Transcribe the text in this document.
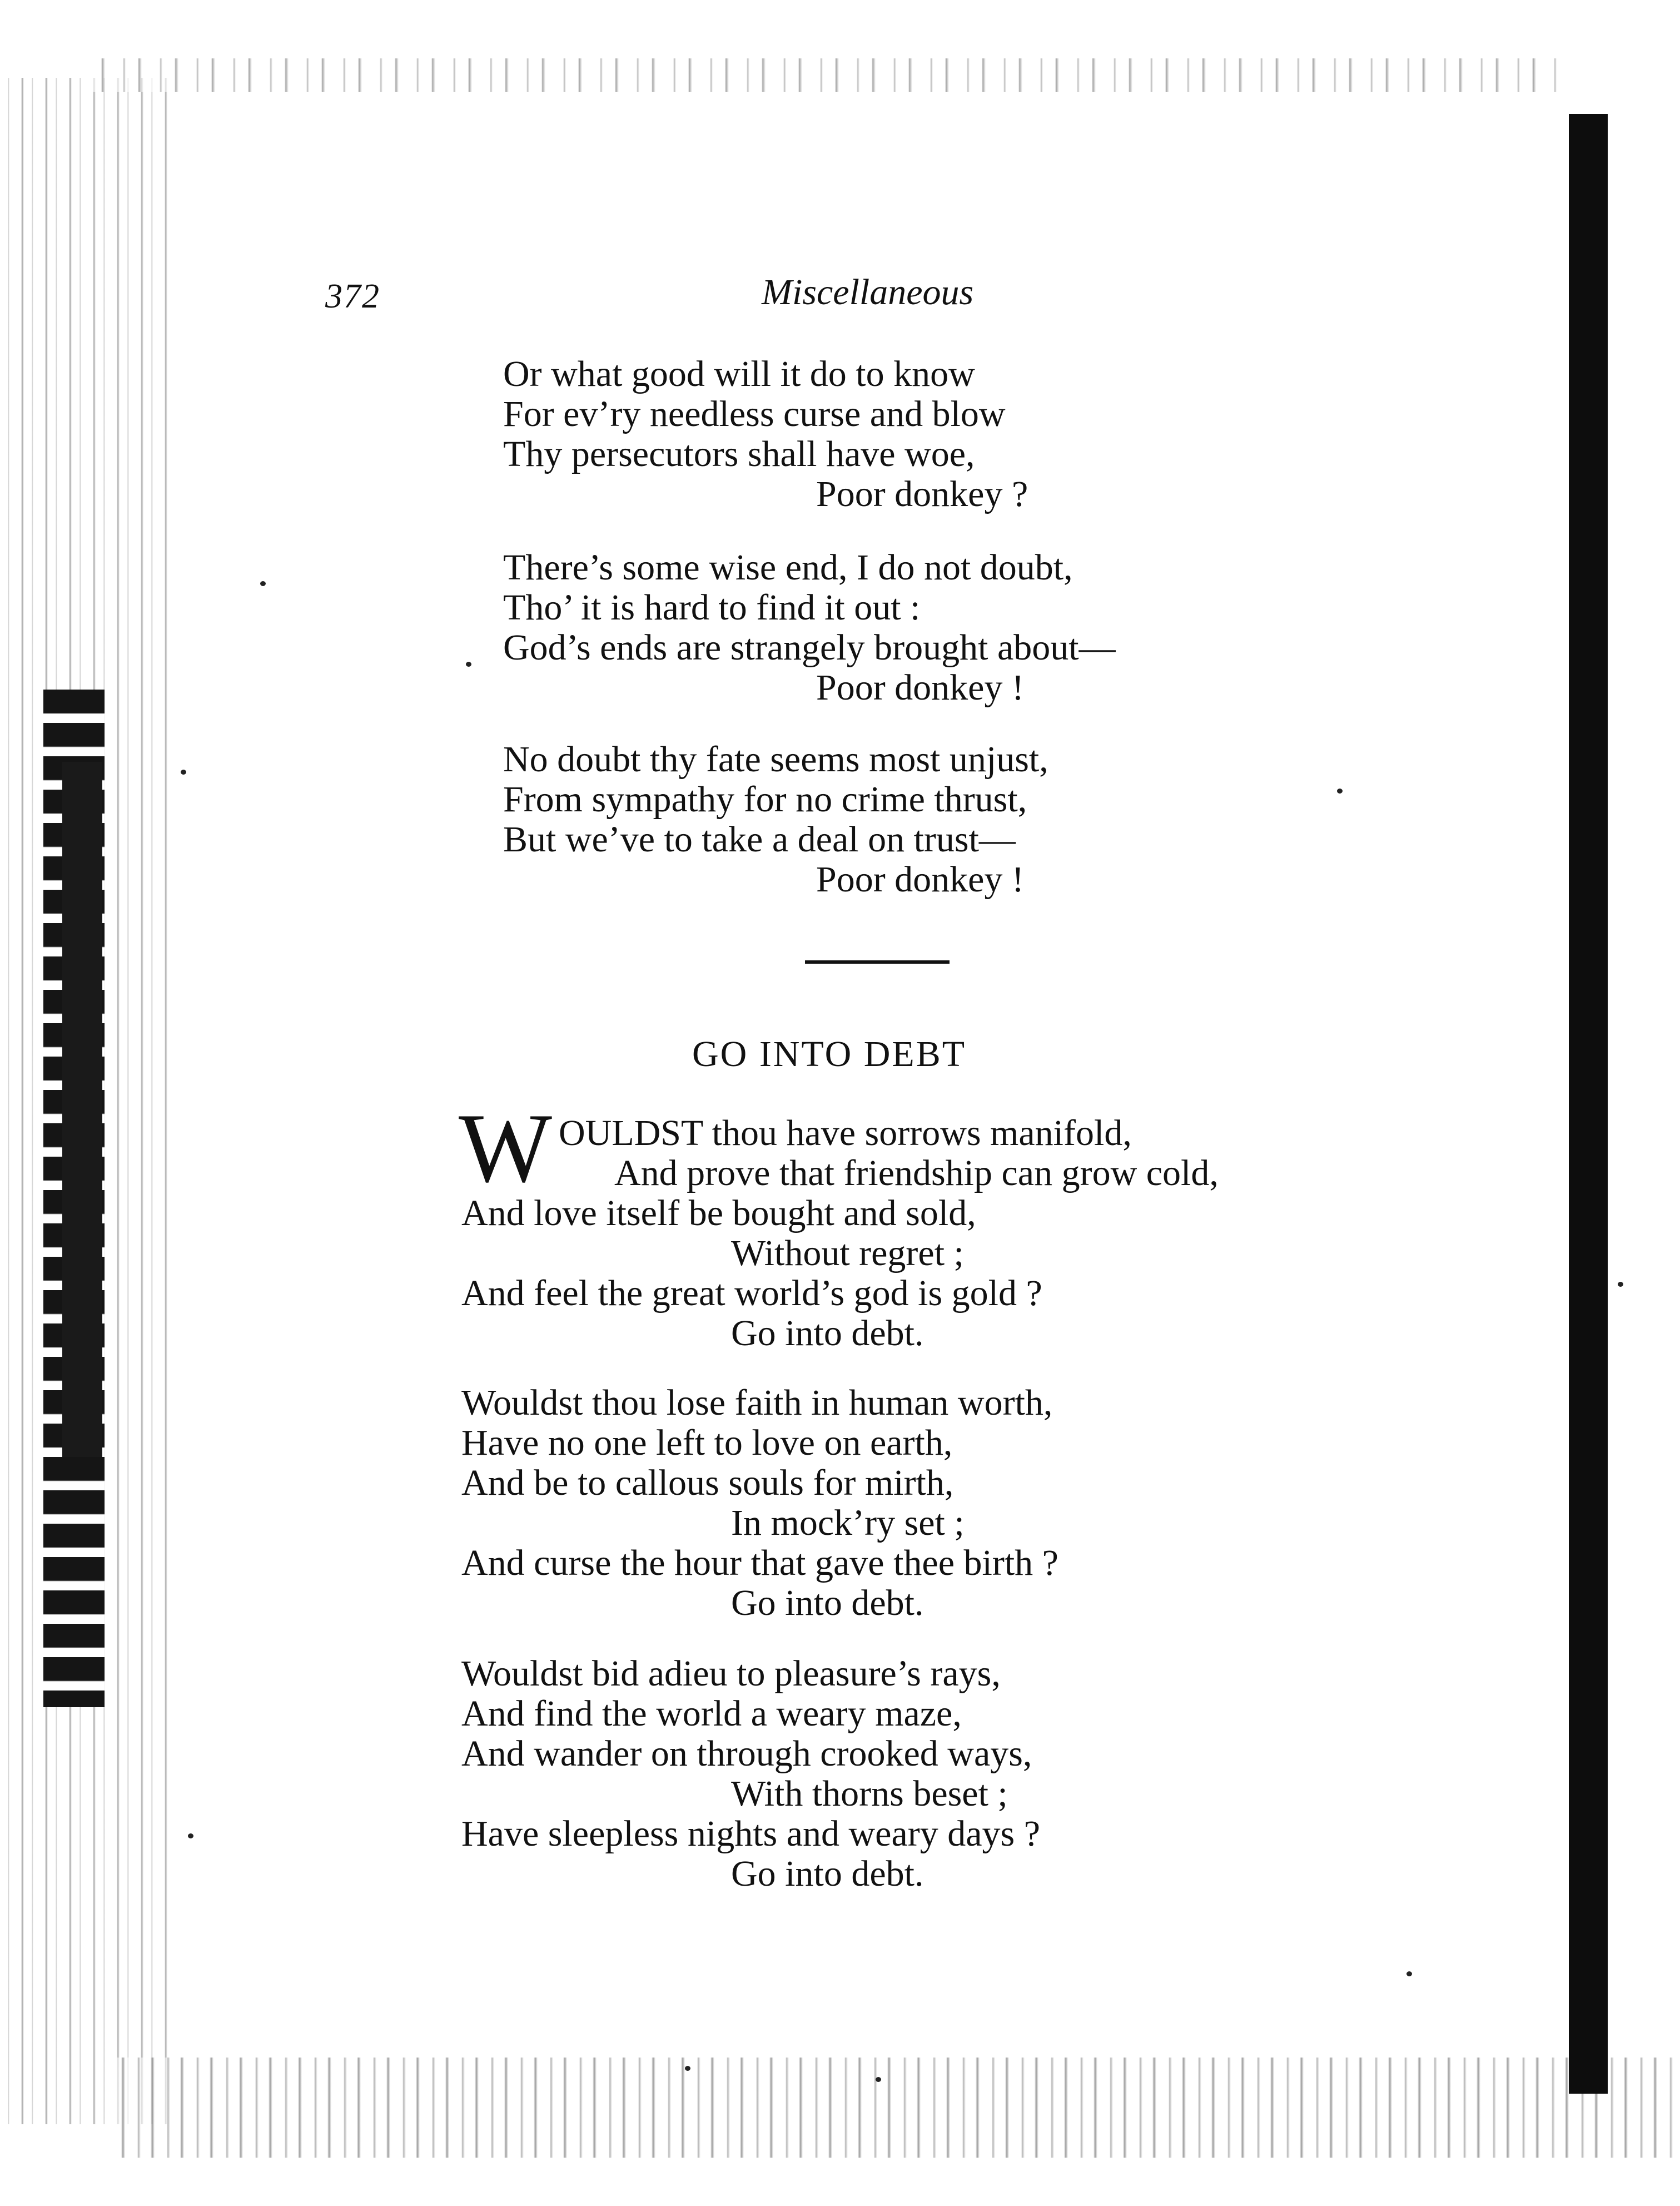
372	Miscellaneous

Or what good will it do to know

For ev’ry needless curse and blow

Thy persecutors shall have woe,

Poor donkey ?

There’s some wise end, I do not doubt,

Tho’ it is hard to find it out :

God’s ends are strangely brought about—

Poor donkey !

No doubt thy fate seems most unjust,

From sympathy for no crime thrust,

But we’ve to take a deal on trust—

Poor donkey !

GO INTO DEBT

W OULDST thou have sorrows manifold,

And prove that friendship can grow cold,

And love itself be bought and sold,

Without regret ;

And feel the great world’s god is gold ?

Go into debt.

Wouldst thou lose faith in human worth,

Have no one left to love on earth,

And be to callous souls for mirth,

In mock’ry set ;

And curse the hour that gave thee birth ?

Go into debt.

Wouldst bid adieu to pleasure’s rays,

And find the world a weary maze,

And wander on through crooked ways,

With thorns beset ;

Have sleepless nights and weary days ?

Go into debt.
